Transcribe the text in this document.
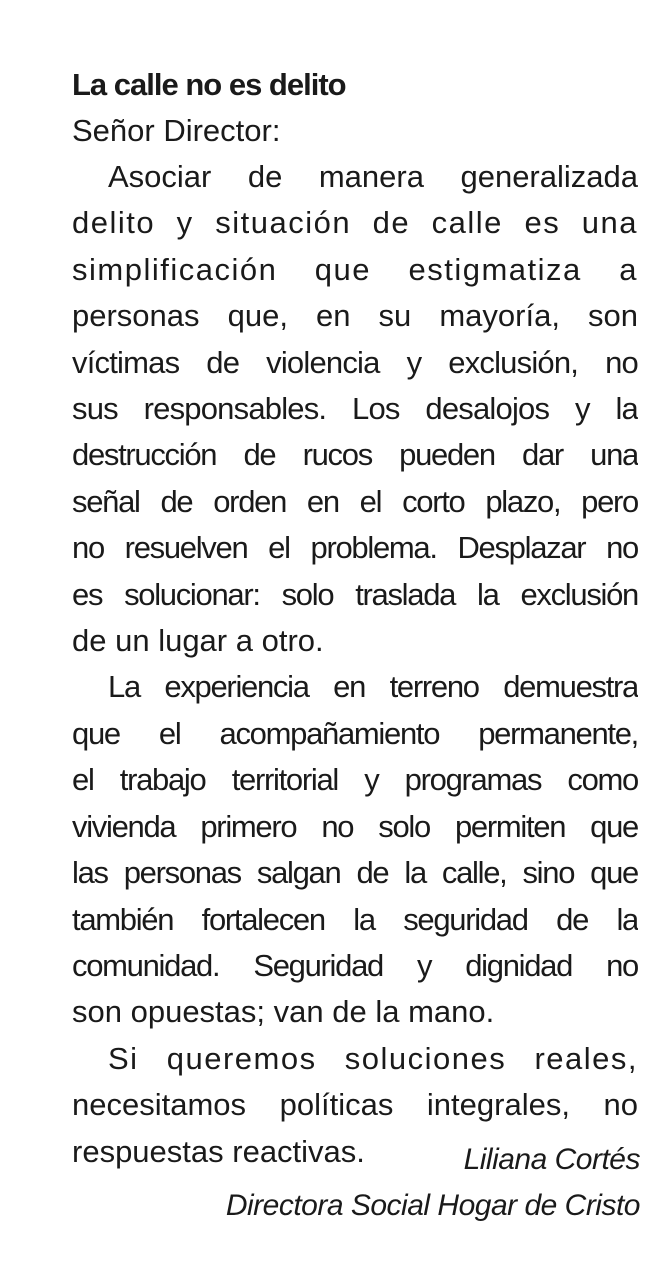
La calle no es delito

Señor Director:

Asociar de manera generalizada

delito y situación de calle es una

simplificación que estigmatiza a

personas que, en su mayoría, son

víctimas de violencia y exclusión, no

sus responsables. Los desalojos y la

destrucción de rucos pueden dar una

señal de orden en el corto plazo, pero

no resuelven el problema. Desplazar no

es solucionar: solo traslada la exclusión

de un lugar a otro.

La experiencia en terreno demuestra

que el acompañamiento permanente,

el trabajo territorial y programas como

vivienda primero no solo permiten que

las personas salgan de la calle, sino que

también fortalecen la seguridad de la

comunidad. Seguridad y dignidad no

son opuestas; van de la mano.

Si queremos soluciones reales,

necesitamos políticas integrales, no

respuestas reactivas.	Liliana Cortés
Directora Social Hogar de Cristo
